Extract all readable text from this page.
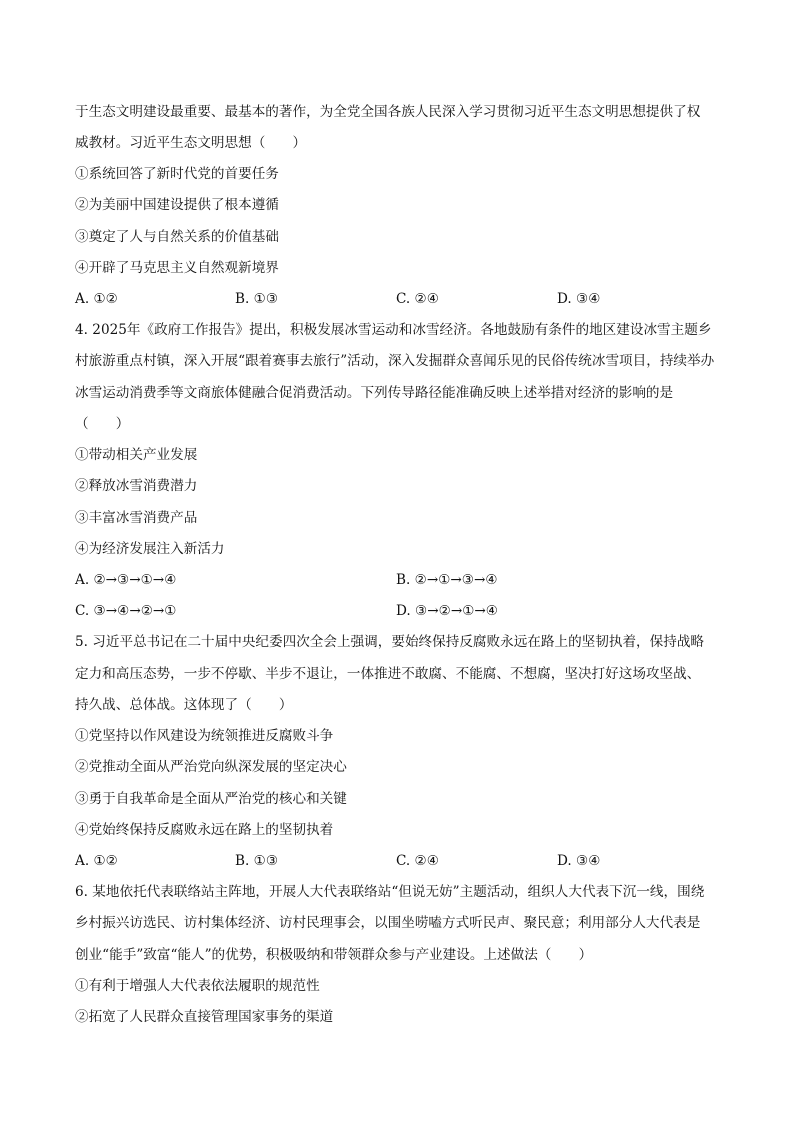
于生态文明建设最重要、最基本的著作，为全党全国各族人民深入学习贯彻习近平生态文明思想提供了权
威教材。习近平生态文明思想（　　）
①系统回答了新时代党的首要任务
②为美丽中国建设提供了根本遵循
③奠定了人与自然关系的价值基础
④开辟了马克思主义自然观新境界
A. ①②	B. ①③	C. ②④	D. ③④
4. 2025年《政府工作报告》提出，积极发展冰雪运动和冰雪经济。各地鼓励有条件的地区建设冰雪主题乡
村旅游重点村镇，深入开展“跟着赛事去旅行”活动，深入发掘群众喜闻乐见的民俗传统冰雪项目，持续举办
冰雪运动消费季等文商旅体健融合促消费活动。下列传导路径能准确反映上述举措对经济的影响的是
（　　）
①带动相关产业发展
②释放冰雪消费潜力
③丰富冰雪消费产品
④为经济发展注入新活力
A. ②→③→①→④	B. ②→①→③→④
C. ③→④→②→①	D. ③→②→①→④
5. 习近平总书记在二十届中央纪委四次全会上强调，要始终保持反腐败永远在路上的坚韧执着，保持战略
定力和高压态势，一步不停歇、半步不退让，一体推进不敢腐、不能腐、不想腐，坚决打好这场攻坚战、
持久战、总体战。这体现了（　　）
①党坚持以作风建设为统领推进反腐败斗争
②党推动全面从严治党向纵深发展的坚定决心
③勇于自我革命是全面从严治党的核心和关键
④党始终保持反腐败永远在路上的坚韧执着
A. ①②	B. ①③	C. ②④	D. ③④
6. 某地依托代表联络站主阵地，开展人大代表联络站“但说无妨”主题活动，组织人大代表下沉一线，围绕
乡村振兴访选民、访村集体经济、访村民理事会，以围坐唠嗑方式听民声、聚民意；利用部分人大代表是
创业“能手”致富“能人”的优势，积极吸纳和带领群众参与产业建设。上述做法（　　）
①有利于增强人大代表依法履职的规范性
②拓宽了人民群众直接管理国家事务的渠道
